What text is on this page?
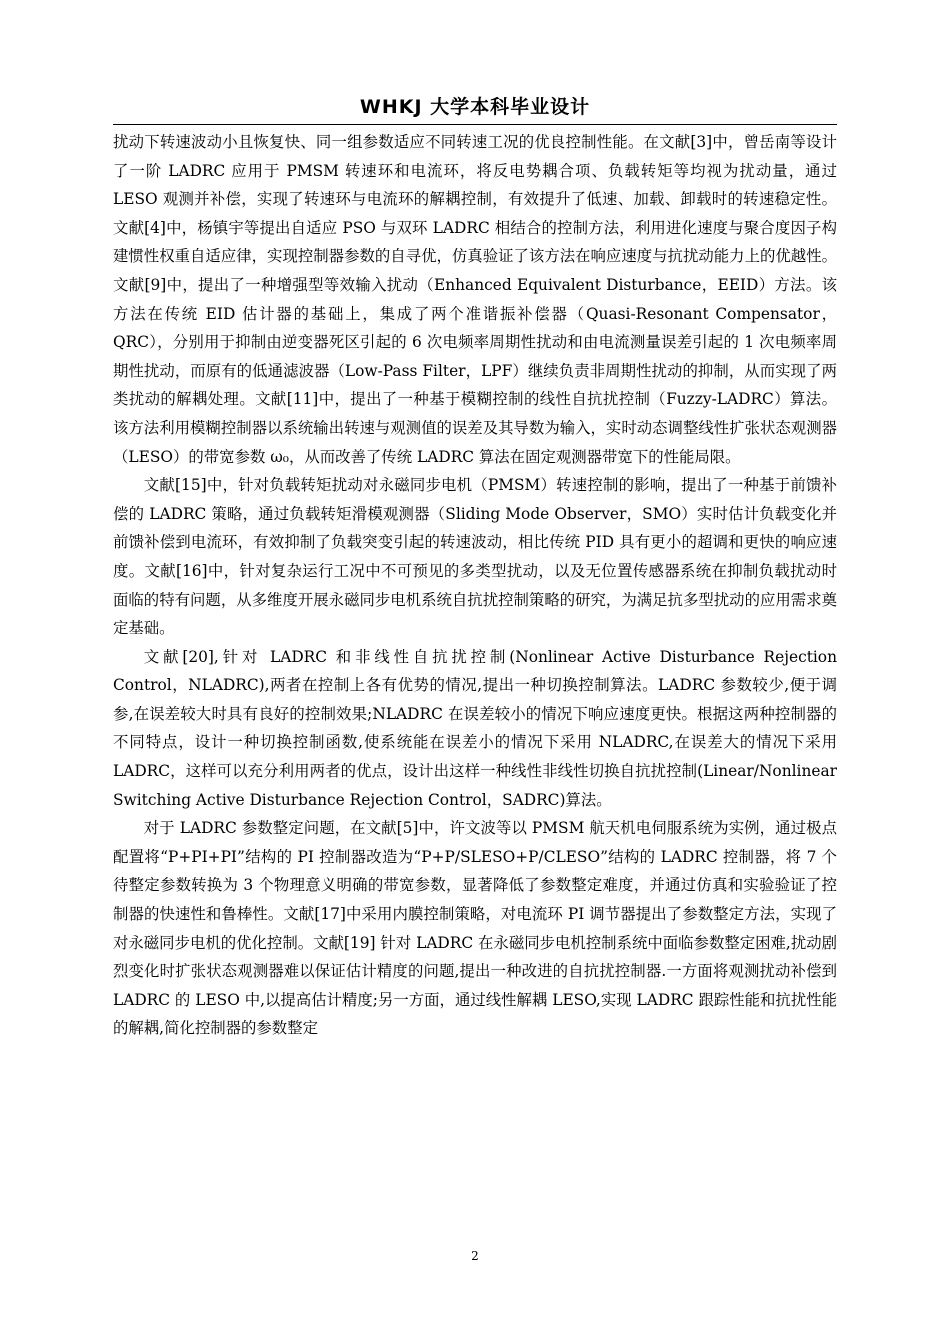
WHKJ 大学本科毕业设计

扰动下转速波动小且恢复快、同一组参数适应不同转速工况的优良控制性能。在文献[3]中，曾岳南等设计了一阶 LADRC 应用于 PMSM 转速环和电流环，将反电势耦合项、负载转矩等均视为扰动量，通过 LESO 观测并补偿，实现了转速环与电流环的解耦控制，有效提升了低速、加载、卸载时的转速稳定性。文献[4]中，杨镇宇等提出自适应 PSO 与双环 LADRC 相结合的控制方法，利用进化速度与聚合度因子构建惯性权重自适应律，实现控制器参数的自寻优，仿真验证了该方法在响应速度与抗扰动能力上的优越性。文献[9]中，提出了一种增强型等效输入扰动（Enhanced Equivalent Disturbance，EEID）方法。该方法在传统 EID 估计器的基础上，集成了两个准谐振补偿器（Quasi-Resonant Compensator，QRC），分别用于抑制由逆变器死区引起的 6 次电频率周期性扰动和由电流测量误差引起的 1 次电频率周期性扰动，而原有的低通滤波器（Low-Pass Filter，LPF）继续负责非周期性扰动的抑制，从而实现了两类扰动的解耦处理。文献[11]中，提出了一种基于模糊控制的线性自抗扰控制（Fuzzy-LADRC）算法。该方法利用模糊控制器以系统输出转速与观测值的误差及其导数为输入，实时动态调整线性扩张状态观测器（LESO）的带宽参数 ω₀，从而改善了传统 LADRC 算法在固定观测器带宽下的性能局限。

文献[15]中，针对负载转矩扰动对永磁同步电机（PMSM）转速控制的影响，提出了一种基于前馈补偿的 LADRC 策略，通过负载转矩滑模观测器（Sliding Mode Observer，SMO）实时估计负载变化并前馈补偿到电流环，有效抑制了负载突变引起的转速波动，相比传统 PID 具有更小的超调和更快的响应速度。文献[16]中，针对复杂运行工况中不可预见的多类型扰动，以及无位置传感器系统在抑制负载扰动时面临的特有问题，从多维度开展永磁同步电机系统自抗扰控制策略的研究，为满足抗多型扰动的应用需求奠定基础。

文献[20],针对 LADRC 和非线性自抗扰控制(Nonlinear Active Disturbance Rejection Control，NLADRC),两者在控制上各有优势的情况,提出一种切换控制算法。LADRC 参数较少,便于调参,在误差较大时具有良好的控制效果;NLADRC 在误差较小的情况下响应速度更快。根据这两种控制器的不同特点，设计一种切换控制函数,使系统能在误差小的情况下采用 NLADRC,在误差大的情况下采用 LADRC，这样可以充分利用两者的优点，设计出这样一种线性非线性切换自抗扰控制(Linear/Nonlinear Switching Active Disturbance Rejection Control，SADRC)算法。

对于 LADRC 参数整定问题，在文献[5]中，许文波等以 PMSM 航天机电伺服系统为实例，通过极点配置将“P+PI+PI”结构的 PI 控制器改造为“P+P/SLESO+P/CLESO”结构的 LADRC 控制器，将 7 个待整定参数转换为 3 个物理意义明确的带宽参数，显著降低了参数整定难度，并通过仿真和实验验证了控制器的快速性和鲁棒性。文献[17]中采用内膜控制策略，对电流环 PI 调节器提出了参数整定方法，实现了对永磁同步电机的优化控制。文献[19] 针对 LADRC 在永磁同步电机控制系统中面临参数整定困难,扰动剧烈变化时扩张状态观测器难以保证估计精度的问题,提出一种改进的自抗扰控制器.一方面将观测扰动补偿到 LADRC 的 LESO 中,以提高估计精度;另一方面，通过线性解耦 LESO,实现 LADRC 跟踪性能和抗扰性能的解耦,简化控制器的参数整定

2
